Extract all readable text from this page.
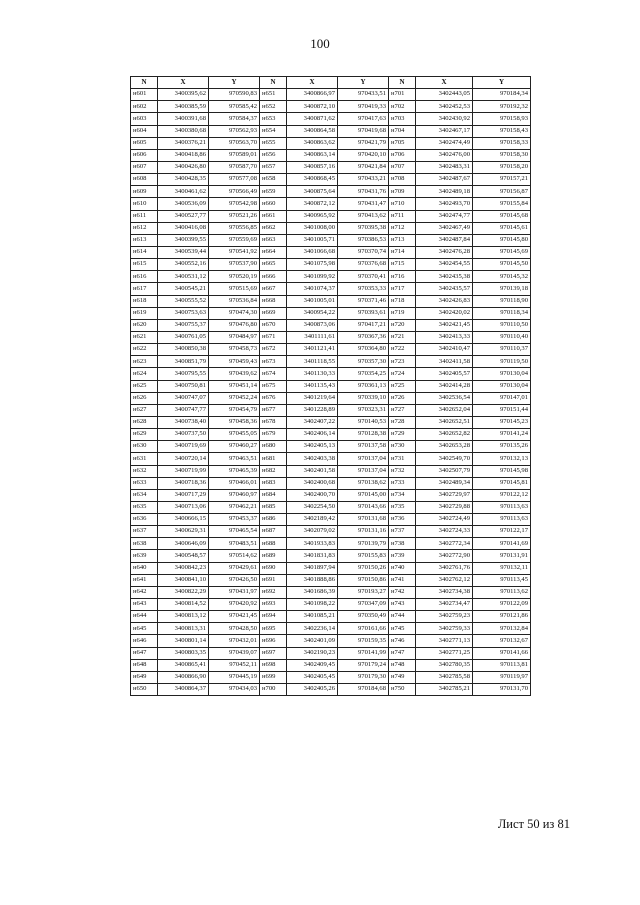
100
N	X	Y	N	X	Y	N	X	Y
н601	3400395,62	970590,83	н651	3400866,97	970433,51	н701	3402443,05	970184,34
н602	3400385,59	970585,42	н652	3400872,10	970419,33	н702	3402452,53	970192,32
н603	3400391,68	970584,37	н653	3400871,62	970417,63	н703	3402430,92	970158,93
н604	3400380,68	970562,93	н654	3400864,58	970419,68	н704	3402467,17	970158,43
н605	3400376,21	970563,70	н655	3400863,62	970421,79	н705	3402474,49	970158,33
н606	3400418,86	970589,01	н656	3400863,14	970420,10	н706	3402476,00	970158,30
н607	3400426,80	970587,70	н657	3400857,16	970421,84	н707	3402483,31	970158,20
н608	3400428,35	970577,08	н658	3400868,45	970433,21	н708	3402487,67	970157,21
н609	3400461,62	970566,49	н659	3400875,64	970431,76	н709	3402489,18	970156,87
н610	3400536,09	970542,98	н660	3400872,12	970431,47	н710	3402493,70	970155,84
н611	3400527,77	970521,26	н661	3400965,92	970413,62	н711	3402474,77	970145,68
н612	3400416,08	970556,85	н662	3401008,00	970395,38	н712	3402467,49	970145,61
н613	3400399,55	970559,69	н663	3401005,71	970386,53	н713	3402487,84	970145,80
н614	3400539,44	970541,92	н664	3401066,68	970370,74	н714	3402476,28	970145,69
н615	3400552,16	970537,90	н665	3401075,98	970376,68	н715	3402454,55	970145,50
н616	3400531,12	970520,19	н666	3401099,92	970370,41	н716	3402435,38	970145,32
н617	3400545,21	970515,69	н667	3401074,37	970353,33	н717	3402435,57	970139,18
н618	3400555,52	970536,84	н668	3401005,01	970371,46	н718	3402426,83	970118,90
н619	3400753,63	970474,30	н669	3400954,22	970393,61	н719	3402420,02	970118,34
н620	3400755,37	970476,80	н670	3400873,06	970417,21	н720	3402421,45	970110,50
н621	3400761,05	970484,97	н671	3401111,61	970367,36	н721	3402413,33	970110,40
н622	3400850,38	970458,73	н672	3401121,41	970364,80	н722	3402410,47	970110,37
н623	3400851,79	970459,43	н673	3401118,55	970357,30	н723	3402411,58	970119,50
н624	3400795,55	970439,62	н674	3401130,33	970354,25	н724	3402405,57	970130,04
н625	3400750,81	970451,14	н675	3401135,43	970361,13	н725	3402414,28	970130,04
н626	3400747,07	970452,24	н676	3401219,64	970339,10	н726	3402536,54	970147,01
н627	3400747,77	970454,79	н677	3401228,89	970323,31	н727	3402652,04	970151,44
н628	3400738,40	970458,36	н678	3402407,22	970140,53	н728	3402652,51	970145,23
н629	3400737,50	970455,05	н679	3402406,14	970128,38	н729	3402652,82	970141,24
н630	3400719,69	970460,27	н680	3402405,13	970137,58	н730	3402653,28	970135,26
н631	3400720,14	970463,51	н681	3402403,38	970137,04	н731	3402549,70	970132,13
н632	3400719,99	970465,39	н682	3402401,58	970137,04	н732	3402507,79	970145,98
н633	3400718,36	970466,01	н683	3402400,68	970138,62	н733	3402489,34	970145,81
н634	3400717,29	970460,97	н684	3402400,70	970145,00	н734	3402729,97	970122,12
н635	3400713,06	970462,21	н685	3402254,50	970143,66	н735	3402729,88	970113,63
н636	3400666,15	970453,37	н686	3402189,42	970131,68	н736	3402724,49	970113,63
н637	3400629,31	970465,54	н687	3402079,02	970131,16	н737	3402724,33	970122,17
н638	3400646,09	970483,51	н688	3401933,83	970139,79	н738	3402772,34	970141,69
н639	3400548,57	970514,62	н689	3401831,83	970155,83	н739	3402772,90	970131,91
н640	3400842,23	970429,61	н690	3401897,94	970150,26	н740	3402761,76	970132,11
н641	3400841,10	970426,50	н691	3401888,86	970150,86	н741	3402762,12	970113,45
н642	3400822,29	970431,97	н692	3401686,39	970193,27	н742	3402734,38	970113,62
н643	3400814,52	970420,92	н693	3401098,22	970347,09	н743	3402734,47	970122,09
н644	3400813,12	970421,45	н694	3401085,21	970350,49	н744	3402759,23	970121,86
н645	3400813,31	970428,50	н695	3402236,14	970161,66	н745	3402759,33	970132,84
н646	3400801,14	970432,01	н696	3402401,09	970159,35	н746	3402771,13	970132,67
н647	3400803,35	970439,07	н697	3402190,23	970141,99	н747	3402771,25	970141,66
н648	3400865,41	970452,11	н698	3402409,45	970179,24	н748	3402780,35	970113,81
н649	3400866,90	970445,19	н699	3402405,45	970179,30	н749	3402785,58	970119,97
н650	3400864,37	970434,03	н700	3402405,26	970184,68	н750	3402785,21	970131,70
Лист 50 из 81
